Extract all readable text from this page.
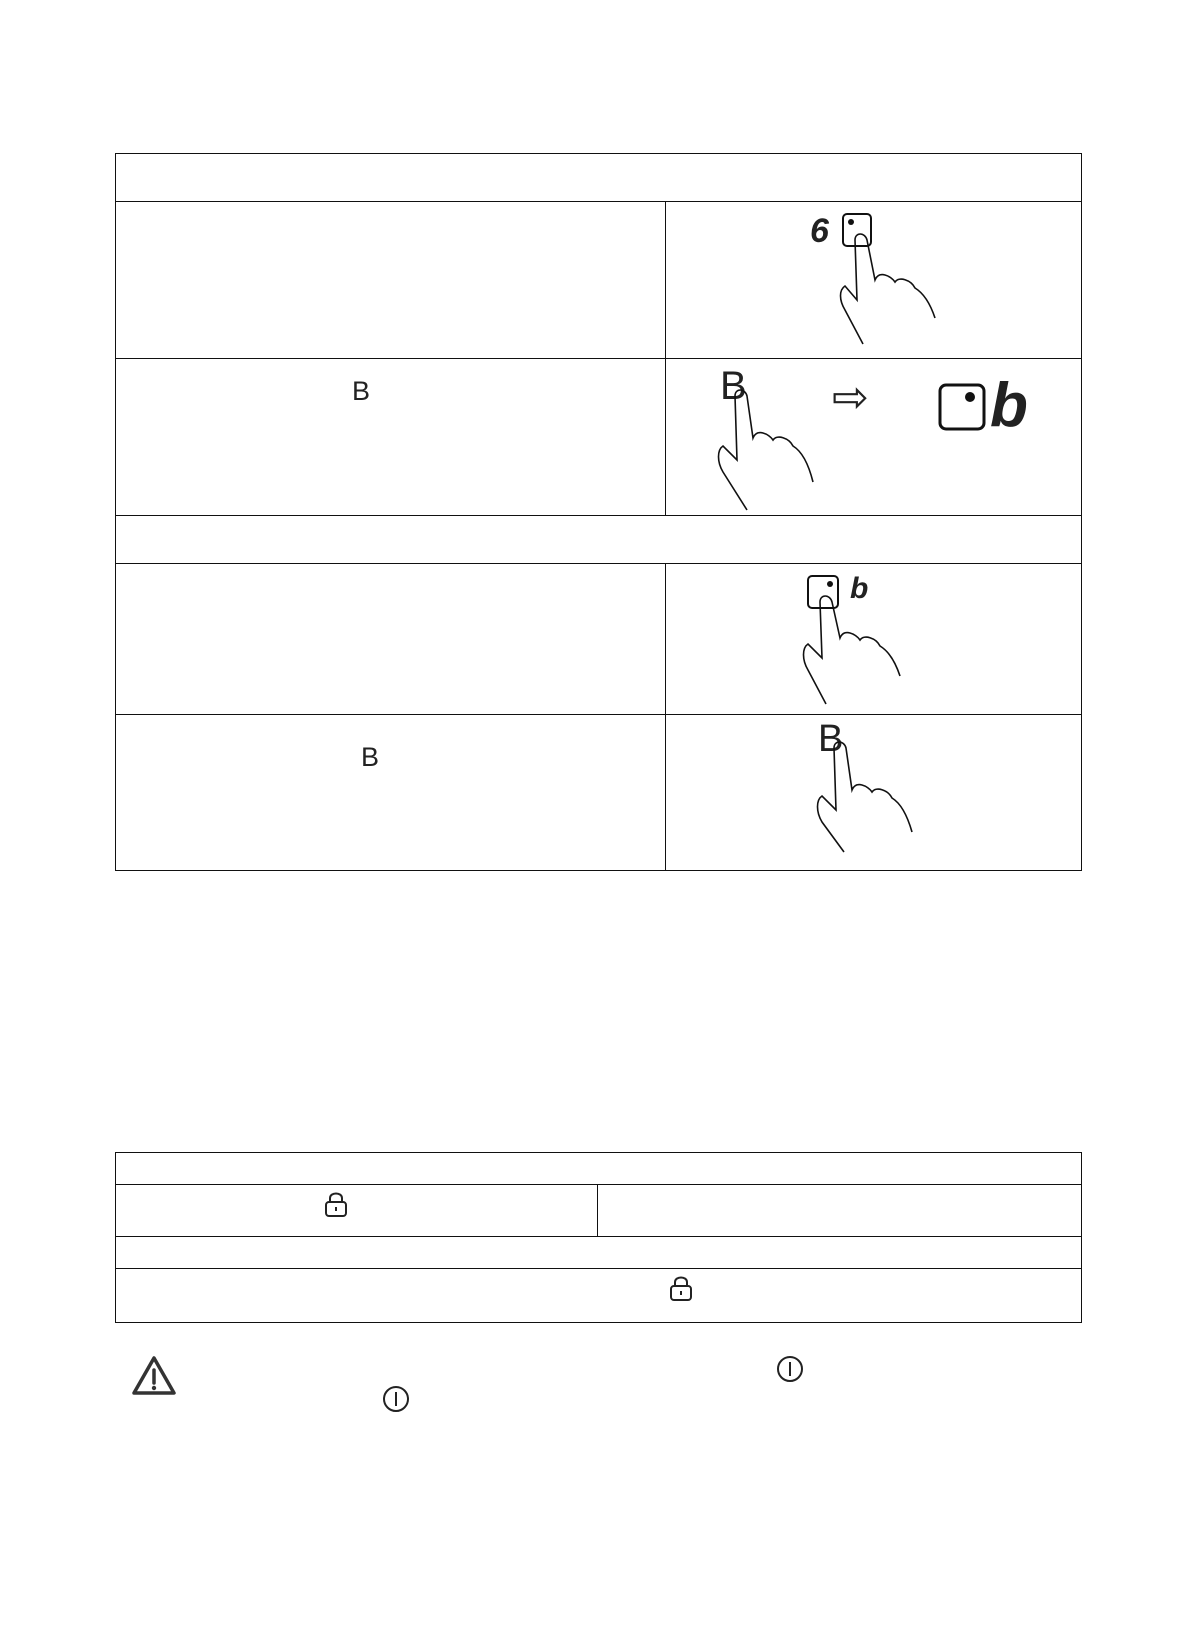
B
B
6
B ⇨ b
b
B
